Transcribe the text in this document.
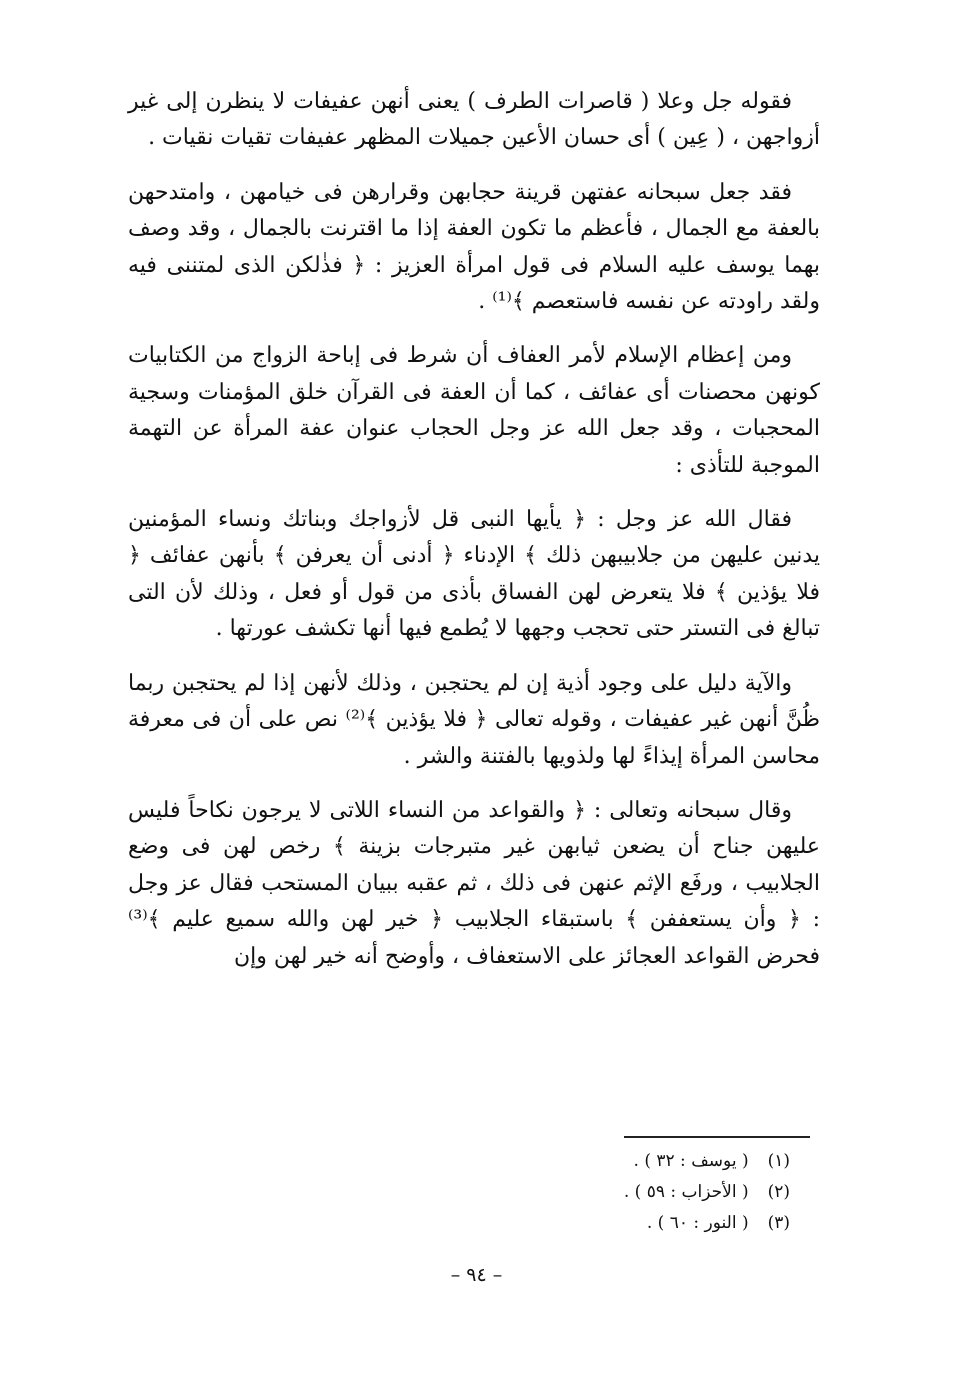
فقوله جل وعلا ( قاصرات الطرف ) يعنى أنهن عفيفات لا ينظرن إلى غير أزواجهن ، ( عِين ) أى حسان الأعين جميلات المظهر عفيفات تقيات نقيات .

فقد جعل سبحانه عفتهن قرينة حجابهن وقرارهن فى خيامهن ، وامتدحهن بالعفة مع الجمال ، فأعظم ما تكون العفة إذا ما اقترنت بالجمال ، وقد وصف بهما يوسف عليه السلام فى قول امرأة العزيز : ﴿ فذٰلكن الذى لمتننى فيه ولقد راودته عن نفسه فاستعصم ﴾⁽¹⁾ .

ومن إعظام الإسلام لأمر العفاف أن شرط فى إباحة الزواج من الكتابيات كونهن محصنات أى عفائف ، كما أن العفة فى القرآن خلق المؤمنات وسجية المحجبات ، وقد جعل الله عز وجل الحجاب عنوان عفة المرأة عن التهمة الموجبة للتأذى :

فقال الله عز وجل : ﴿ يأيها النبى قل لأزواجك وبناتك ونساء المؤمنين يدنين عليهن من جلابيبهن ذلك ﴾ الإدناء ﴿ أدنى أن يعرفن ﴾ بأنهن عفائف ﴿ فلا يؤذين ﴾ فلا يتعرض لهن الفساق بأذى من قول أو فعل ، وذلك لأن التى تبالغ فى التستر حتى تحجب وجهها لا يُطمع فيها أنها تكشف عورتها .

والآية دليل على وجود أذية إن لم يحتجبن ، وذلك لأنهن إذا لم يحتجبن ربما ظُنَّ أنهن غير عفيفات ، وقوله تعالى ﴿ فلا يؤذين ﴾⁽²⁾ نص على أن فى معرفة محاسن المرأة إيذاءً لها ولذويها بالفتنة والشر .

وقال سبحانه وتعالى : ﴿ والقواعد من النساء اللاتى لا يرجون نكاحاً فليس عليهن جناح أن يضعن ثيابهن غير متبرجات بزينة ﴾ رخص لهن فى وضع الجلابيب ، ورفَع الإثم عنهن فى ذلك ، ثم عقبه ببيان المستحب فقال عز وجل : ﴿ وأن يستعففن ﴾ باستبقاء الجلابيب ﴿ خير لهن والله سميع عليم ﴾⁽³⁾ فحرض القواعد العجائز على الاستعفاف ، وأوضح أنه خير لهن وإن

(١) ( يوسف : ٣٢ ) .
(٢) ( الأحزاب : ٥٩ ) .
(٣) ( النور : ٦٠ ) .
– ٩٤ –
